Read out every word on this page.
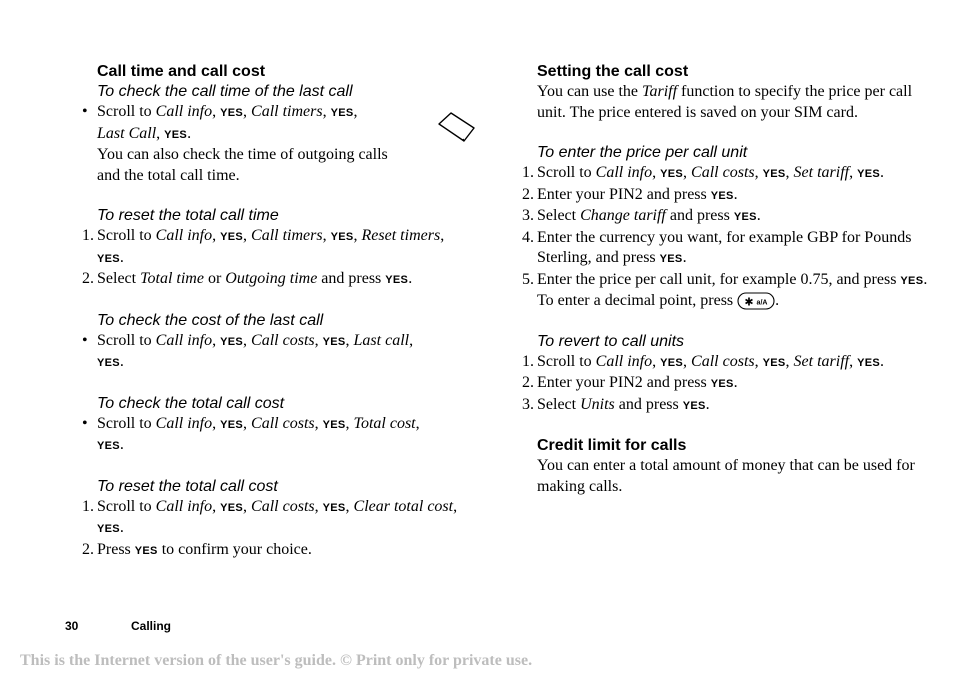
Call time and call cost
To check the call time of the last call
• Scroll to Call info, YES, Call timers, YES,
Last Call, YES.
You can also check the time of outgoing calls and the total call time.
To reset the total call time
1. Scroll to Call info, YES, Call timers, YES, Reset timers, YES.
2. Select Total time or Outgoing time and press YES.
To check the cost of the last call
• Scroll to Call info, YES, Call costs, YES, Last call,
YES.
To check the total call cost
• Scroll to Call info, YES, Call costs, YES, Total cost,
YES.
To reset the total call cost
1. Scroll to Call info, YES, Call costs, YES, Clear total cost, YES.
2. Press YES to confirm your choice.
Setting the call cost
You can use the Tariff function to specify the price per call unit. The price entered is saved on your SIM card.
To enter the price per call unit
1. Scroll to Call info, YES, Call costs, YES, Set tariff, YES.
2. Enter your PIN2 and press YES.
3. Select Change tariff and press YES.
4. Enter the currency you want, for example GBP for Pounds Sterling, and press YES.
5. Enter the price per call unit, for example 0.75, and press YES. To enter a decimal point, press ✱ a/A .
To revert to call units
1. Scroll to Call info, YES, Call costs, YES, Set tariff, YES.
2. Enter your PIN2 and press YES.
3. Select Units and press YES.
Credit limit for calls
You can enter a total amount of money that can be used for making calls.
30	Calling
This is the Internet version of the user's guide. © Print only for private use.
